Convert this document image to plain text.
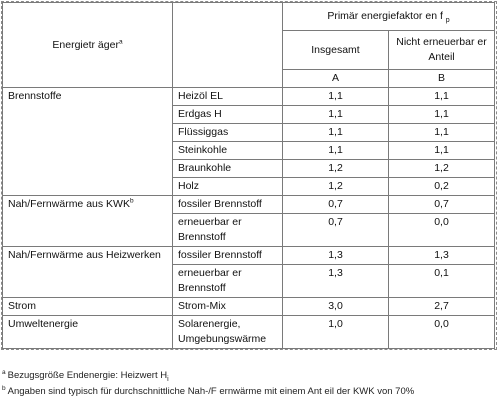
Energietr äger$^a$		Primär energiefaktor en f $_p$
		Insgesamt	Nicht erneuerbar er Anteil
		A	B
Brennstoffe	Heizöl EL	1,1	1,1
	Erdgas H	1,1	1,1
	Flüssiggas	1,1	1,1
	Steinkohle	1,1	1,1
	Braunkohle	1,2	1,2
	Holz	1,2	0,2
Nah/Fernwärme aus KWK$^b$	fossiler Brennstoff	0,7	0,7
	erneuerbar er Brennstoff	0,7	0,0
Nah/Fernwärme aus Heizwerken	fossiler Brennstoff	1,3	1,3
	erneuerbar er Brennstoff	1,3	0,1
Strom	Strom-Mix	3,0	2,7
Umweltenergie	Solarenergie, Umgebungswärme	1,0	0,0
$^a$ Bezugsgröße Endenergie: Heizwert $H_i$
$^b$ Angaben sind typisch für durchschnittliche Nah-/F ernwärme mit einem Ant eil der KWK von 70%
